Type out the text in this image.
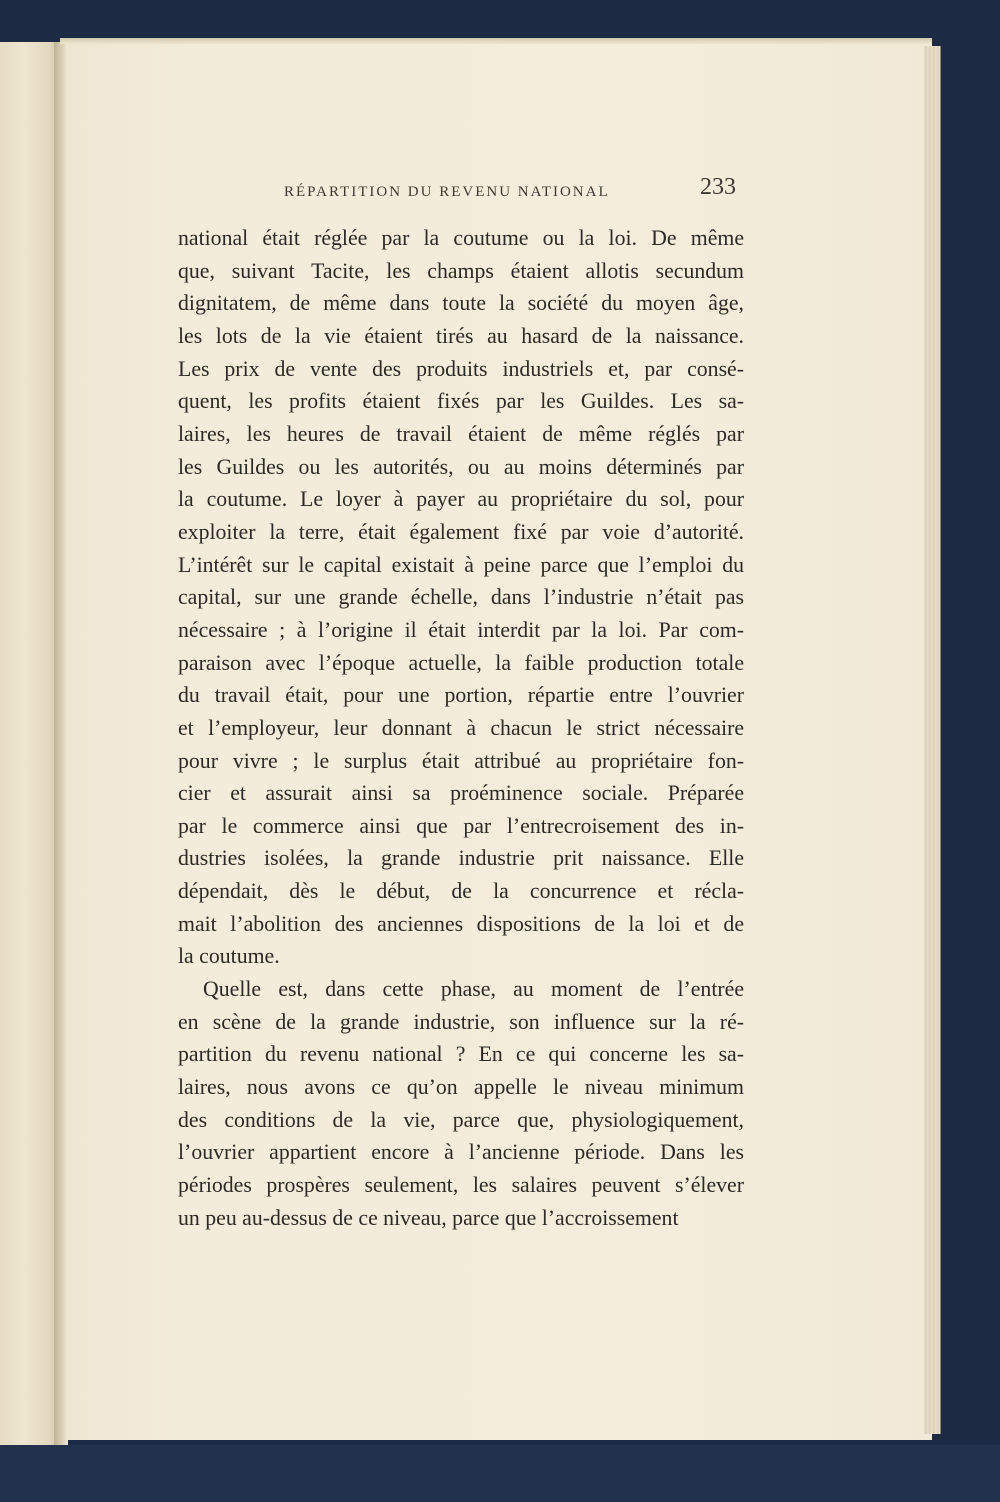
RÉPARTITION DU REVENU NATIONAL	233

national était réglée par la coutume ou la loi. De même
que, suivant Tacite, les champs étaient allotis secundum
dignitatem, de même dans toute la société du moyen âge,
les lots de la vie étaient tirés au hasard de la naissance.
Les prix de vente des produits industriels et, par consé-
quent, les profits étaient fixés par les Guildes. Les sa-
laires, les heures de travail étaient de même réglés par
les Guildes ou les autorités, ou au moins déterminés par
la coutume. Le loyer à payer au propriétaire du sol, pour
exploiter la terre, était également fixé par voie d’autorité.
L’intérêt sur le capital existait à peine parce que l’emploi du
capital, sur une grande échelle, dans l’industrie n’était pas
nécessaire ; à l’origine il était interdit par la loi. Par com-
paraison avec l’époque actuelle, la faible production totale
du travail était, pour une portion, répartie entre l’ouvrier
et l’employeur, leur donnant à chacun le strict nécessaire
pour vivre ; le surplus était attribué au propriétaire fon-
cier et assurait ainsi sa proéminence sociale. Préparée
par le commerce ainsi que par l’entrecroisement des in-
dustries isolées, la grande industrie prit naissance. Elle
dépendait, dès le début, de la concurrence et récla-
mait l’abolition des anciennes dispositions de la loi et de
la coutume.

Quelle est, dans cette phase, au moment de l’entrée
en scène de la grande industrie, son influence sur la ré-
partition du revenu national ? En ce qui concerne les sa-
laires, nous avons ce qu’on appelle le niveau minimum
des conditions de la vie, parce que, physiologiquement,
l’ouvrier appartient encore à l’ancienne période. Dans les
périodes prospères seulement, les salaires peuvent s’élever
un peu au-dessus de ce niveau, parce que l’accroissement
